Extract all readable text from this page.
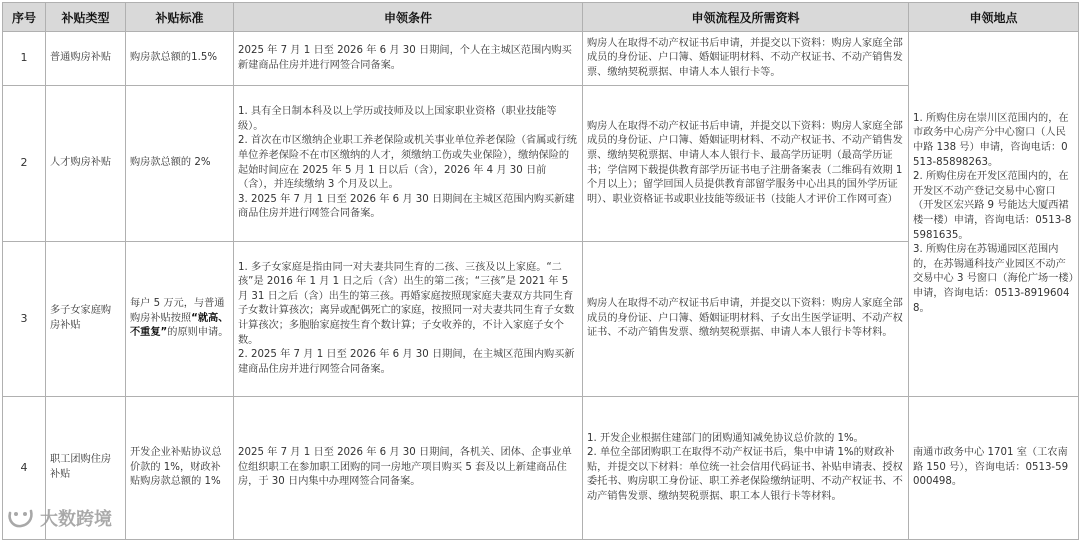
序号	补贴类型	补贴标准	申领条件	申领流程及所需资料	申领地点
1	普通购房补贴	购房款总额的1.5%	2025 年 7 月 1 日至 2026 年 6 月 30 日期间，个人在主城区范围内购买新建商品住房并进行网签合同备案。	购房人在取得不动产权证书后申请，并提交以下资料：购房人家庭全部成员的身份证、户口簿、婚姻证明材料、不动产权证书、不动产销售发票、缴纳契税票据、申请人本人银行卡等。	1. 所购住房在崇川区范围内的，在市政务中心房产分中心窗口（人民中路 138 号）申请，咨询电话：0513-85898263。
2. 所购住房在开发区范围内的，在开发区不动产登记交易中心窗口（开发区宏兴路 9 号能达大厦西裙楼一楼）申请，咨询电话：0513-85981635。
3. 所购住房在苏锡通园区范围内的，在苏锡通科技产业园区不动产交易中心 3 号窗口（海伦广场一楼）申请，咨询电话：0513-89196048。

2	人才购房补贴	购房款总额的 2%	1. 具有全日制本科及以上学历或技师及以上国家职业资格（职业技能等级）。
2. 首次在市区缴纳企业职工养老保险或机关事业单位养老保险（省属或行统单位养老保险不在市区缴纳的人才，须缴纳工伤或失业保险），缴纳保险的起始时间应在 2025 年 5 月 1 日以后（含），2026 年 4 月 30 日前（含），并连续缴纳 3 个月及以上。
3. 2025 年 7 月 1 日至 2026 年 6 月 30 日期间在主城区范围内购买新建商品住房并进行网签合同备案。	购房人在取得不动产权证书后申请，并提交以下资料：购房人家庭全部成员的身份证、户口簿、婚姻证明材料、不动产权证书、不动产销售发票、缴纳契税票据、申请人本人银行卡、最高学历证明（最高学历证书；学信网下载提供教育部学历证书电子注册备案表（二维码有效期 1 个月以上）；留学回国人员提供教育部留学服务中心出具的国外学历证明）、职业资格证书或职业技能等级证书（技能人才评价工作网可查）	
3	多子女家庭购房补贴	每户 5 万元，与普通购房补贴按照“就高、不重复”的原则申请。	1. 多子女家庭是指由同一对夫妻共同生育的二孩、三孩及以上家庭。“二孩”是 2016 年 1 月 1 日之后（含）出生的第二孩；“三孩”是 2021 年 5 月 31 日之后（含）出生的第三孩。再婚家庭按照现家庭夫妻双方共同生育子女数计算孩次；离异或配偶死亡的家庭，按照同一对夫妻共同生育子女数计算孩次；多胞胎家庭按生育个数计算；子女收养的，不计入家庭子女个数。
2. 2025 年 7 月 1 日至 2026 年 6 月 30 日期间，在主城区范围内购买新建商品住房并进行网签合同备案。	购房人在取得不动产权证书后申请，并提交以下资料：购房人家庭全部成员的身份证、户口簿、婚姻证明材料、子女出生医学证明、不动产权证书、不动产销售发票、缴纳契税票据、申请人本人银行卡等材料。	
4	职工团购住房补贴	开发企业补贴协议总价款的 1%，财政补贴购房款总额的 1%	2025 年 7 月 1 日至 2026 年 6 月 30 日期间，各机关、团体、企事业单位组织职工在参加职工团购的同一房地产项目购买 5 套及以上新建商品住房，于 30 日内集中办理网签合同备案。	1. 开发企业根据住建部门的团购通知减免协议总价款的 1%。
2. 单位全部团购职工在取得不动产权证书后，集中申请 1%的财政补贴，并提交以下材料：单位统一社会信用代码证书、补贴申请表、授权委托书、购房职工身份证、职工养老保险缴纳证明、不动产权证书、不动产销售发票、缴纳契税票据、职工本人银行卡等材料。	南通市政务中心 1701 室（工农南路 150 号），咨询电话：0513-59000498。
大数跨境
